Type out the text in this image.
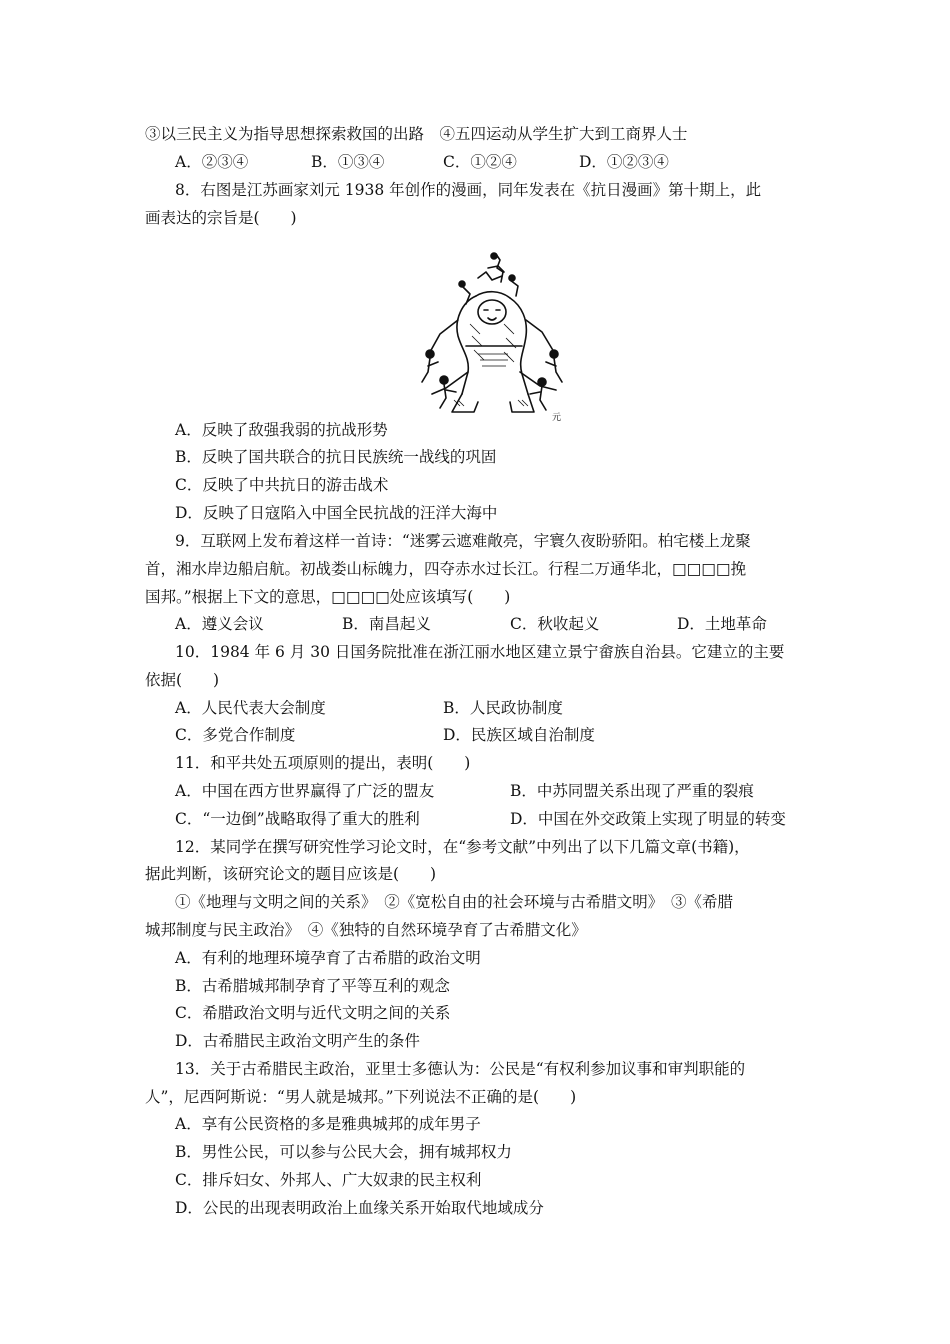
③以三民主义为指导思想探索救国的出路　④五四运动从学生扩大到工商界人士
A．②③④	B．①③④	C．①②④	D．①②③④
8．右图是江苏画家刘元 1938 年创作的漫画，同年发表在《抗日漫画》第十期上，此
画表达的宗旨是(　　)
元
A．反映了敌强我弱的抗战形势
B．反映了国共联合的抗日民族统一战线的巩固
C．反映了中共抗日的游击战术
D．反映了日寇陷入中国全民抗战的汪洋大海中
9．互联网上发布着这样一首诗：“迷雾云遮难敞亮，宇寰久夜盼骄阳。柏宅楼上龙聚
首，湘水岸边船启航。初战娄山标魄力，四夺赤水过长江。行程二万通华北，□□□□挽
国邦。”根据上下文的意思，□□□□处应该填写(　　)
A．遵义会议	B．南昌起义	C．秋收起义	D．土地革命
10．1984 年 6 月 30 日国务院批准在浙江丽水地区建立景宁畲族自治县。它建立的主要
依据(　　)
A．人民代表大会制度	B．人民政协制度
C．多党合作制度	D．民族区域自治制度
11．和平共处五项原则的提出，表明(　　)
A．中国在西方世界赢得了广泛的盟友	B．中苏同盟关系出现了严重的裂痕
C．“一边倒”战略取得了重大的胜利	D．中国在外交政策上实现了明显的转变
12．某同学在撰写研究性学习论文时，在“参考文献”中列出了以下几篇文章(书籍)，
据此判断，该研究论文的题目应该是(　　)
①《地理与文明之间的关系》　②《宽松自由的社会环境与古希腊文明》　③《希腊
城邦制度与民主政治》　④《独特的自然环境孕育了古希腊文化》
A．有利的地理环境孕育了古希腊的政治文明
B．古希腊城邦制孕育了平等互利的观念
C．希腊政治文明与近代文明之间的关系
D．古希腊民主政治文明产生的条件
13．关于古希腊民主政治，亚里士多德认为：公民是“有权利参加议事和审判职能的
人”，尼西阿斯说：“男人就是城邦。”下列说法不正确的是(　　)
A．享有公民资格的多是雅典城邦的成年男子
B．男性公民，可以参与公民大会，拥有城邦权力
C．排斥妇女、外邦人、广大奴隶的民主权利
D．公民的出现表明政治上血缘关系开始取代地域成分
